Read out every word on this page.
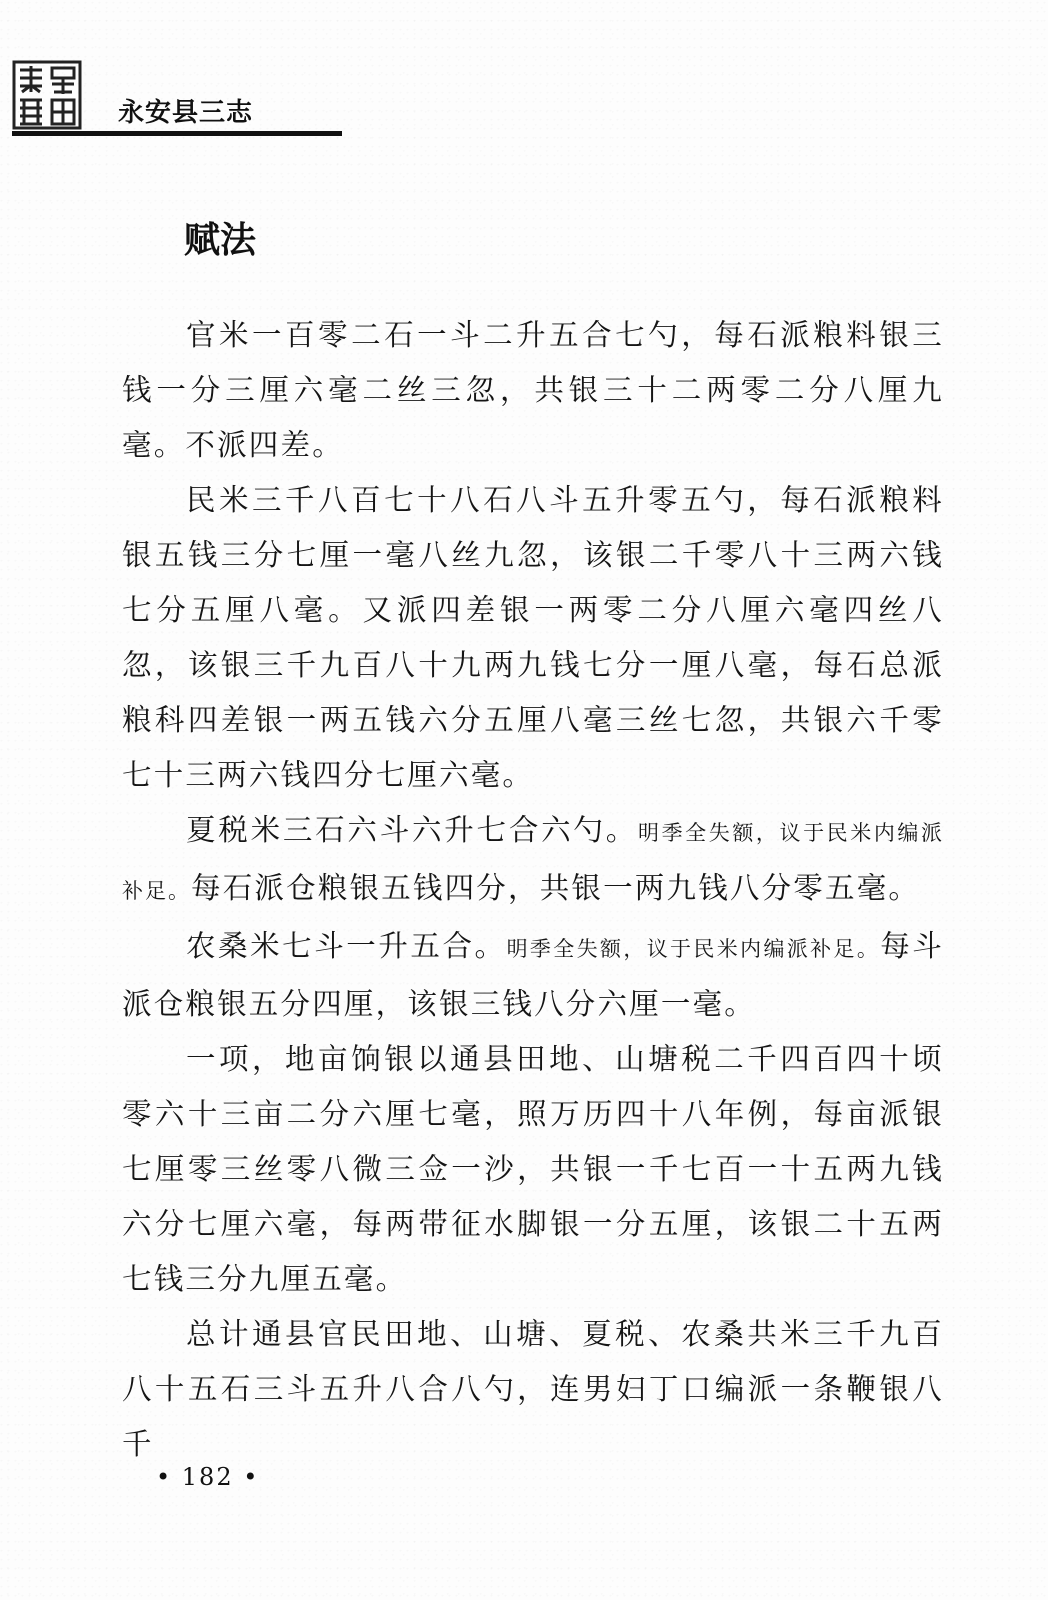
永安县三志
赋法

官米一百零二石一斗二升五合七勺，每石派粮料银三钱一分三厘六毫二丝三忽，共银三十二两零二分八厘九毫。不派四差。

民米三千八百七十八石八斗五升零五勺，每石派粮料银五钱三分七厘一毫八丝九忽，该银二千零八十三两六钱七分五厘八毫。又派四差银一两零二分八厘六毫四丝八忽，该银三千九百八十九两九钱七分一厘八毫，每石总派粮科四差银一两五钱六分五厘八毫三丝七忽，共银六千零七十三两六钱四分七厘六毫。

夏税米三石六斗六升七合六勺。明季全失额，议于民米内编派补足。每石派仓粮银五钱四分，共银一两九钱八分零五毫。

农桑米七斗一升五合。明季全失额，议于民米内编派补足。每斗派仓粮银五分四厘，该银三钱八分六厘一毫。

一项，地亩饷银以通县田地、山塘税二千四百四十顷零六十三亩二分六厘七毫，照万历四十八年例，每亩派银七厘零三丝零八微三佥一沙，共银一千七百一十五两九钱六分七厘六毫，每两带征水脚银一分五厘，该银二十五两七钱三分九厘五毫。

总计通县官民田地、山塘、夏税、农桑共米三千九百八十五石三斗五升八合八勺，连男妇丁口编派一条鞭银八千

• 182 •
